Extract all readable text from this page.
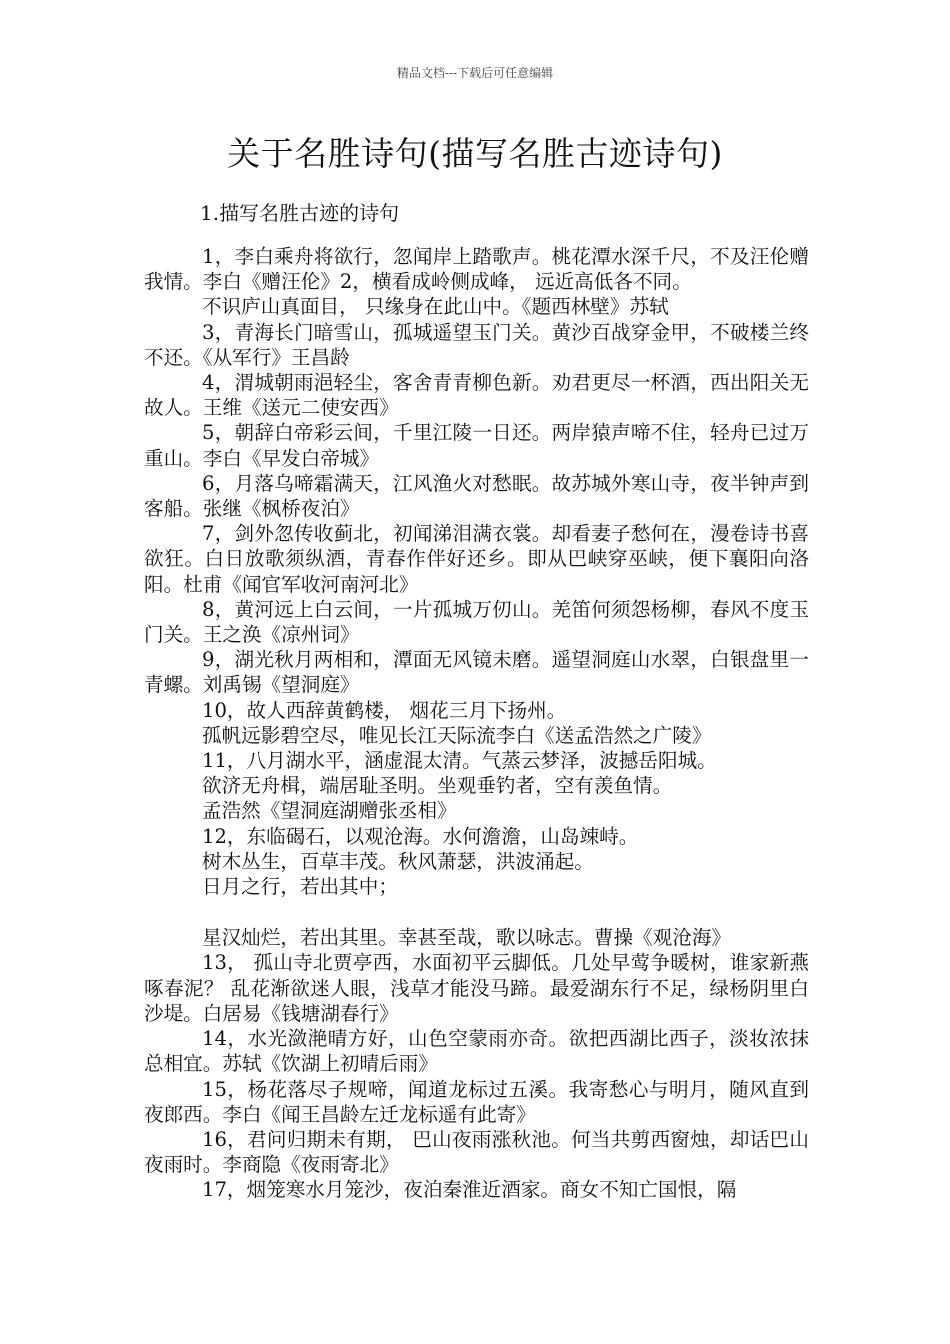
精品文档---下载后可任意编辑
关于名胜诗句(描写名胜古迹诗句)
1.描写名胜古迹的诗句

1，李白乘舟将欲行，忽闻岸上踏歌声。桃花潭水深千尺，不及汪伦赠我情。李白《赠汪伦》2，横看成岭侧成峰， 远近高低各不同。

不识庐山真面目， 只缘身在此山中。《题西林壁》苏轼

3，青海长门暗雪山，孤城遥望玉门关。黄沙百战穿金甲，不破楼兰终不还。《从军行》王昌龄

4，渭城朝雨浥轻尘，客舍青青柳色新。劝君更尽一杯酒，西出阳关无故人。王维《送元二使安西》

5，朝辞白帝彩云间，千里江陵一日还。两岸猿声啼不住，轻舟已过万重山。李白《早发白帝城》

6，月落乌啼霜满天，江风渔火对愁眠。故苏城外寒山寺，夜半钟声到客船。张继《枫桥夜泊》

7，剑外忽传收蓟北，初闻涕泪满衣裳。却看妻子愁何在，漫卷诗书喜欲狂。白日放歌须纵酒，青春作伴好还乡。即从巴峡穿巫峡，便下襄阳向洛阳。杜甫《闻官军收河南河北》

8，黄河远上白云间，一片孤城万仞山。羌笛何须怨杨柳，春风不度玉门关。王之涣《凉州词》

9，湖光秋月两相和，潭面无风镜未磨。遥望洞庭山水翠，白银盘里一青螺。刘禹锡《望洞庭》

10，故人西辞黄鹤楼， 烟花三月下扬州。

孤帆远影碧空尽，唯见长江天际流李白《送孟浩然之广陵》

11，八月湖水平，涵虚混太清。气蒸云梦泽，波撼岳阳城。

欲济无舟楫，端居耻圣明。坐观垂钓者，空有羡鱼情。

孟浩然《望洞庭湖赠张丞相》

12，东临碣石，以观沧海。水何澹澹，山岛竦峙。

树木丛生，百草丰茂。秋风萧瑟，洪波涌起。

日月之行，若出其中；

星汉灿烂，若出其里。幸甚至哉，歌以咏志。曹操《观沧海》

13， 孤山寺北贾亭西，水面初平云脚低。几处早莺争暖树，谁家新燕啄春泥？ 乱花渐欲迷人眼，浅草才能没马蹄。最爱湖东行不足，绿杨阴里白沙堤。白居易《钱塘湖春行》

14，水光潋滟晴方好，山色空蒙雨亦奇。欲把西湖比西子，淡妆浓抹总相宜。苏轼《饮湖上初晴后雨》

15，杨花落尽子规啼，闻道龙标过五溪。我寄愁心与明月，随风直到夜郎西。李白《闻王昌龄左迁龙标遥有此寄》

16，君问归期未有期， 巴山夜雨涨秋池。何当共剪西窗烛，却话巴山夜雨时。李商隐《夜雨寄北》

17，烟笼寒水月笼沙，夜泊秦淮近酒家。商女不知亡国恨，隔
